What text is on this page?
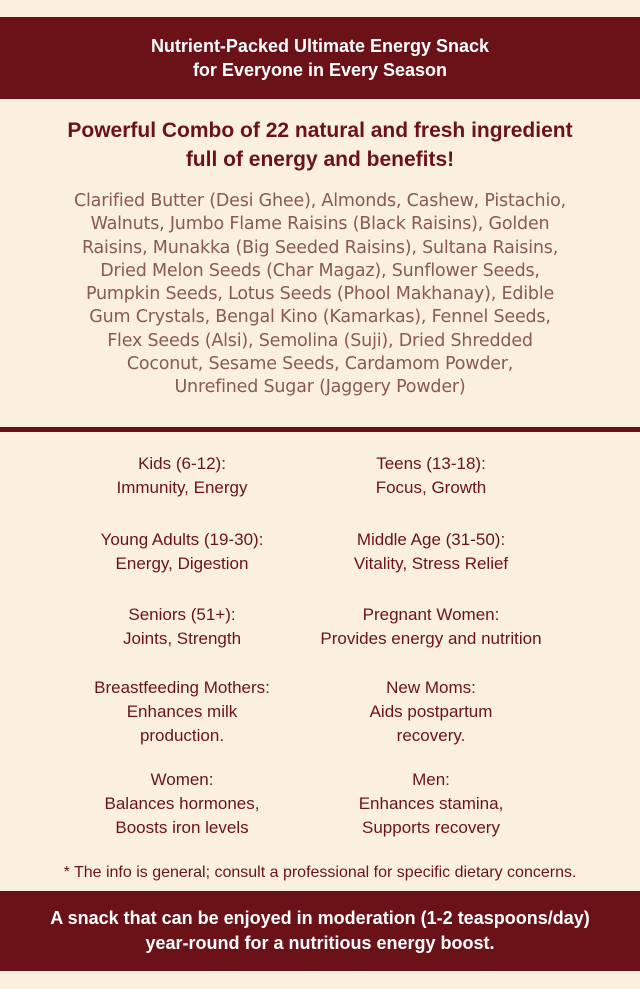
Nutrient-Packed Ultimate Energy Snack
for Everyone in Every Season
Powerful Combo of 22 natural and fresh ingredient
full of energy and benefits!
Clarified Butter (Desi Ghee), Almonds, Cashew, Pistachio,
Walnuts, Jumbo Flame Raisins (Black Raisins), Golden
Raisins, Munakka (Big Seeded Raisins), Sultana Raisins,
Dried Melon Seeds (Char Magaz), Sunflower Seeds,
Pumpkin Seeds, Lotus Seeds (Phool Makhanay), Edible
Gum Crystals, Bengal Kino (Kamarkas), Fennel Seeds,
Flex Seeds (Alsi), Semolina (Suji), Dried Shredded
Coconut, Sesame Seeds, Cardamom Powder,
Unrefined Sugar (Jaggery Powder)
Kids (6-12):
Immunity, Energy
Teens (13-18):
Focus, Growth
Young Adults (19-30):
Energy, Digestion
Middle Age (31-50):
Vitality, Stress Relief
Seniors (51+):
Joints, Strength
Pregnant Women:
Provides energy and nutrition
Breastfeeding Mothers:
Enhances milk
production.
New Moms:
Aids postpartum
recovery.
Women:
Balances hormones,
Boosts iron levels
Men:
Enhances stamina,
Supports recovery
* The info is general; consult a professional for specific dietary concerns.
A snack that can be enjoyed in moderation (1-2 teaspoons/day)
year-round for a nutritious energy boost.
